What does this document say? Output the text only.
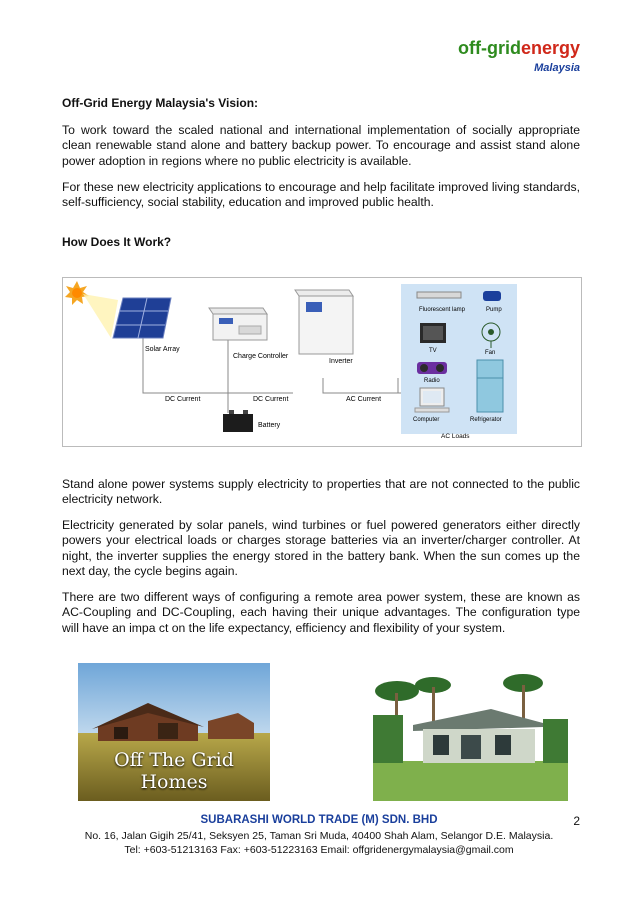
off-gridenergy
Malaysia
Off-Grid Energy Malaysia's Vision:

To work toward the scaled national and international implementation of socially appropriate clean renewable stand alone and battery backup power. To encourage and assist stand alone power adoption in regions where no public electricity is available.

For these new electricity applications to encourage and help facilitate improved living standards, self-sufficiency, social stability, education and improved public health.

How Does It Work?
Solar Array
Charge Controller
Inverter
Battery
DC Current	DC Current	AC Current
Fluorescent lamp	Pump
TV	Fan
Radio
Computer	Refrigerator
AC Loads

Stand alone power systems supply electricity to properties that are not connected to the public electricity network.

Electricity generated by solar panels, wind turbines or fuel powered generators either directly powers your electrical loads or charges storage batteries via an inverter/charger controller. At night, the inverter supplies the energy stored in the battery bank. When the sun comes up the next day, the cycle begins again.

There are two different ways of configuring a remote area power system, these are known as AC-Coupling and DC-Coupling, each having their unique advantages. The configuration type will have an impa ct on the life expectancy, efficiency and flexibility of your system.

Off The Grid Homes
SUBARASHI WORLD TRADE (M) SDN. BHD	2
No. 16, Jalan Gigih 25/41, Seksyen 25, Taman Sri Muda, 40400 Shah Alam, Selangor D.E. Malaysia.
Tel: +603-51213163 Fax: +603-51223163 Email: offgridenergymalaysia@gmail.com
